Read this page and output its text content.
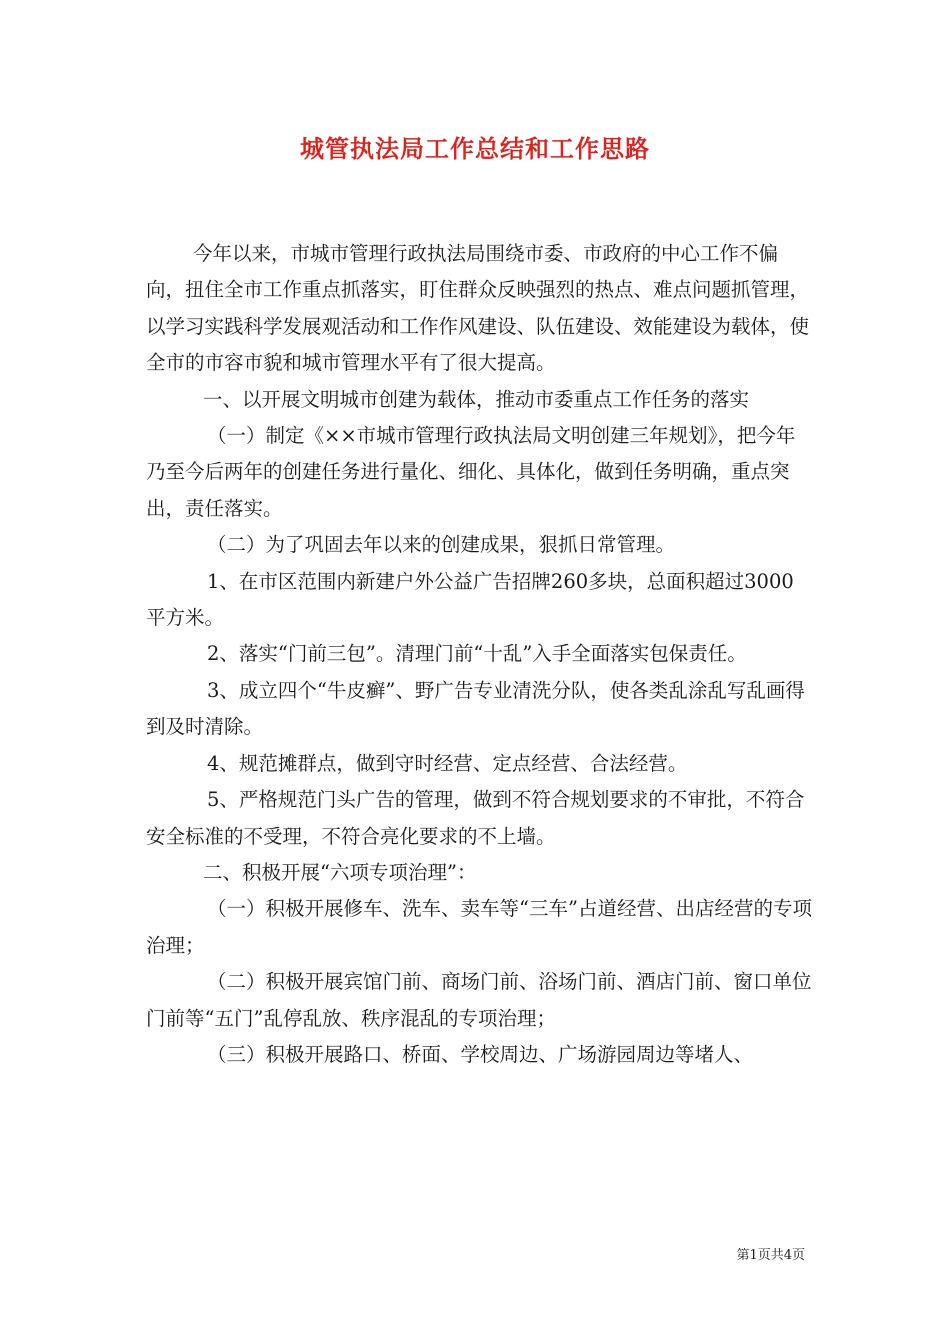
城管执法局工作总结和工作思路

今年以来，市城市管理行政执法局围绕市委、市政府的中心工作不偏向，扭住全市工作重点抓落实，盯住群众反映强烈的热点、难点问题抓管理，以学习实践科学发展观活动和工作作风建设、队伍建设、效能建设为载体，使全市的市容市貌和城市管理水平有了很大提高。

一、以开展文明城市创建为载体，推动市委重点工作任务的落实

（一）制定《××市城市管理行政执法局文明创建三年规划》，把今年乃至今后两年的创建任务进行量化、细化、具体化，做到任务明确，重点突出，责任落实。

（二）为了巩固去年以来的创建成果，狠抓日常管理。

1、在市区范围内新建户外公益广告招牌260多块，总面积超过3000平方米。

2、落实“门前三包”。清理门前“十乱”入手全面落实包保责任。

3、成立四个“牛皮癣”、野广告专业清洗分队，使各类乱涂乱写乱画得到及时清除。

4、规范摊群点，做到守时经营、定点经营、合法经营。

5、严格规范门头广告的管理，做到不符合规划要求的不审批，不符合安全标准的不受理，不符合亮化要求的不上墙。

二、积极开展“六项专项治理”：

（一）积极开展修车、洗车、卖车等“三车”占道经营、出店经营的专项治理；

（二）积极开展宾馆门前、商场门前、浴场门前、酒店门前、窗口单位门前等“五门”乱停乱放、秩序混乱的专项治理；

（三）积极开展路口、桥面、学校周边、广场游园周边等堵人、

第1页共4页
